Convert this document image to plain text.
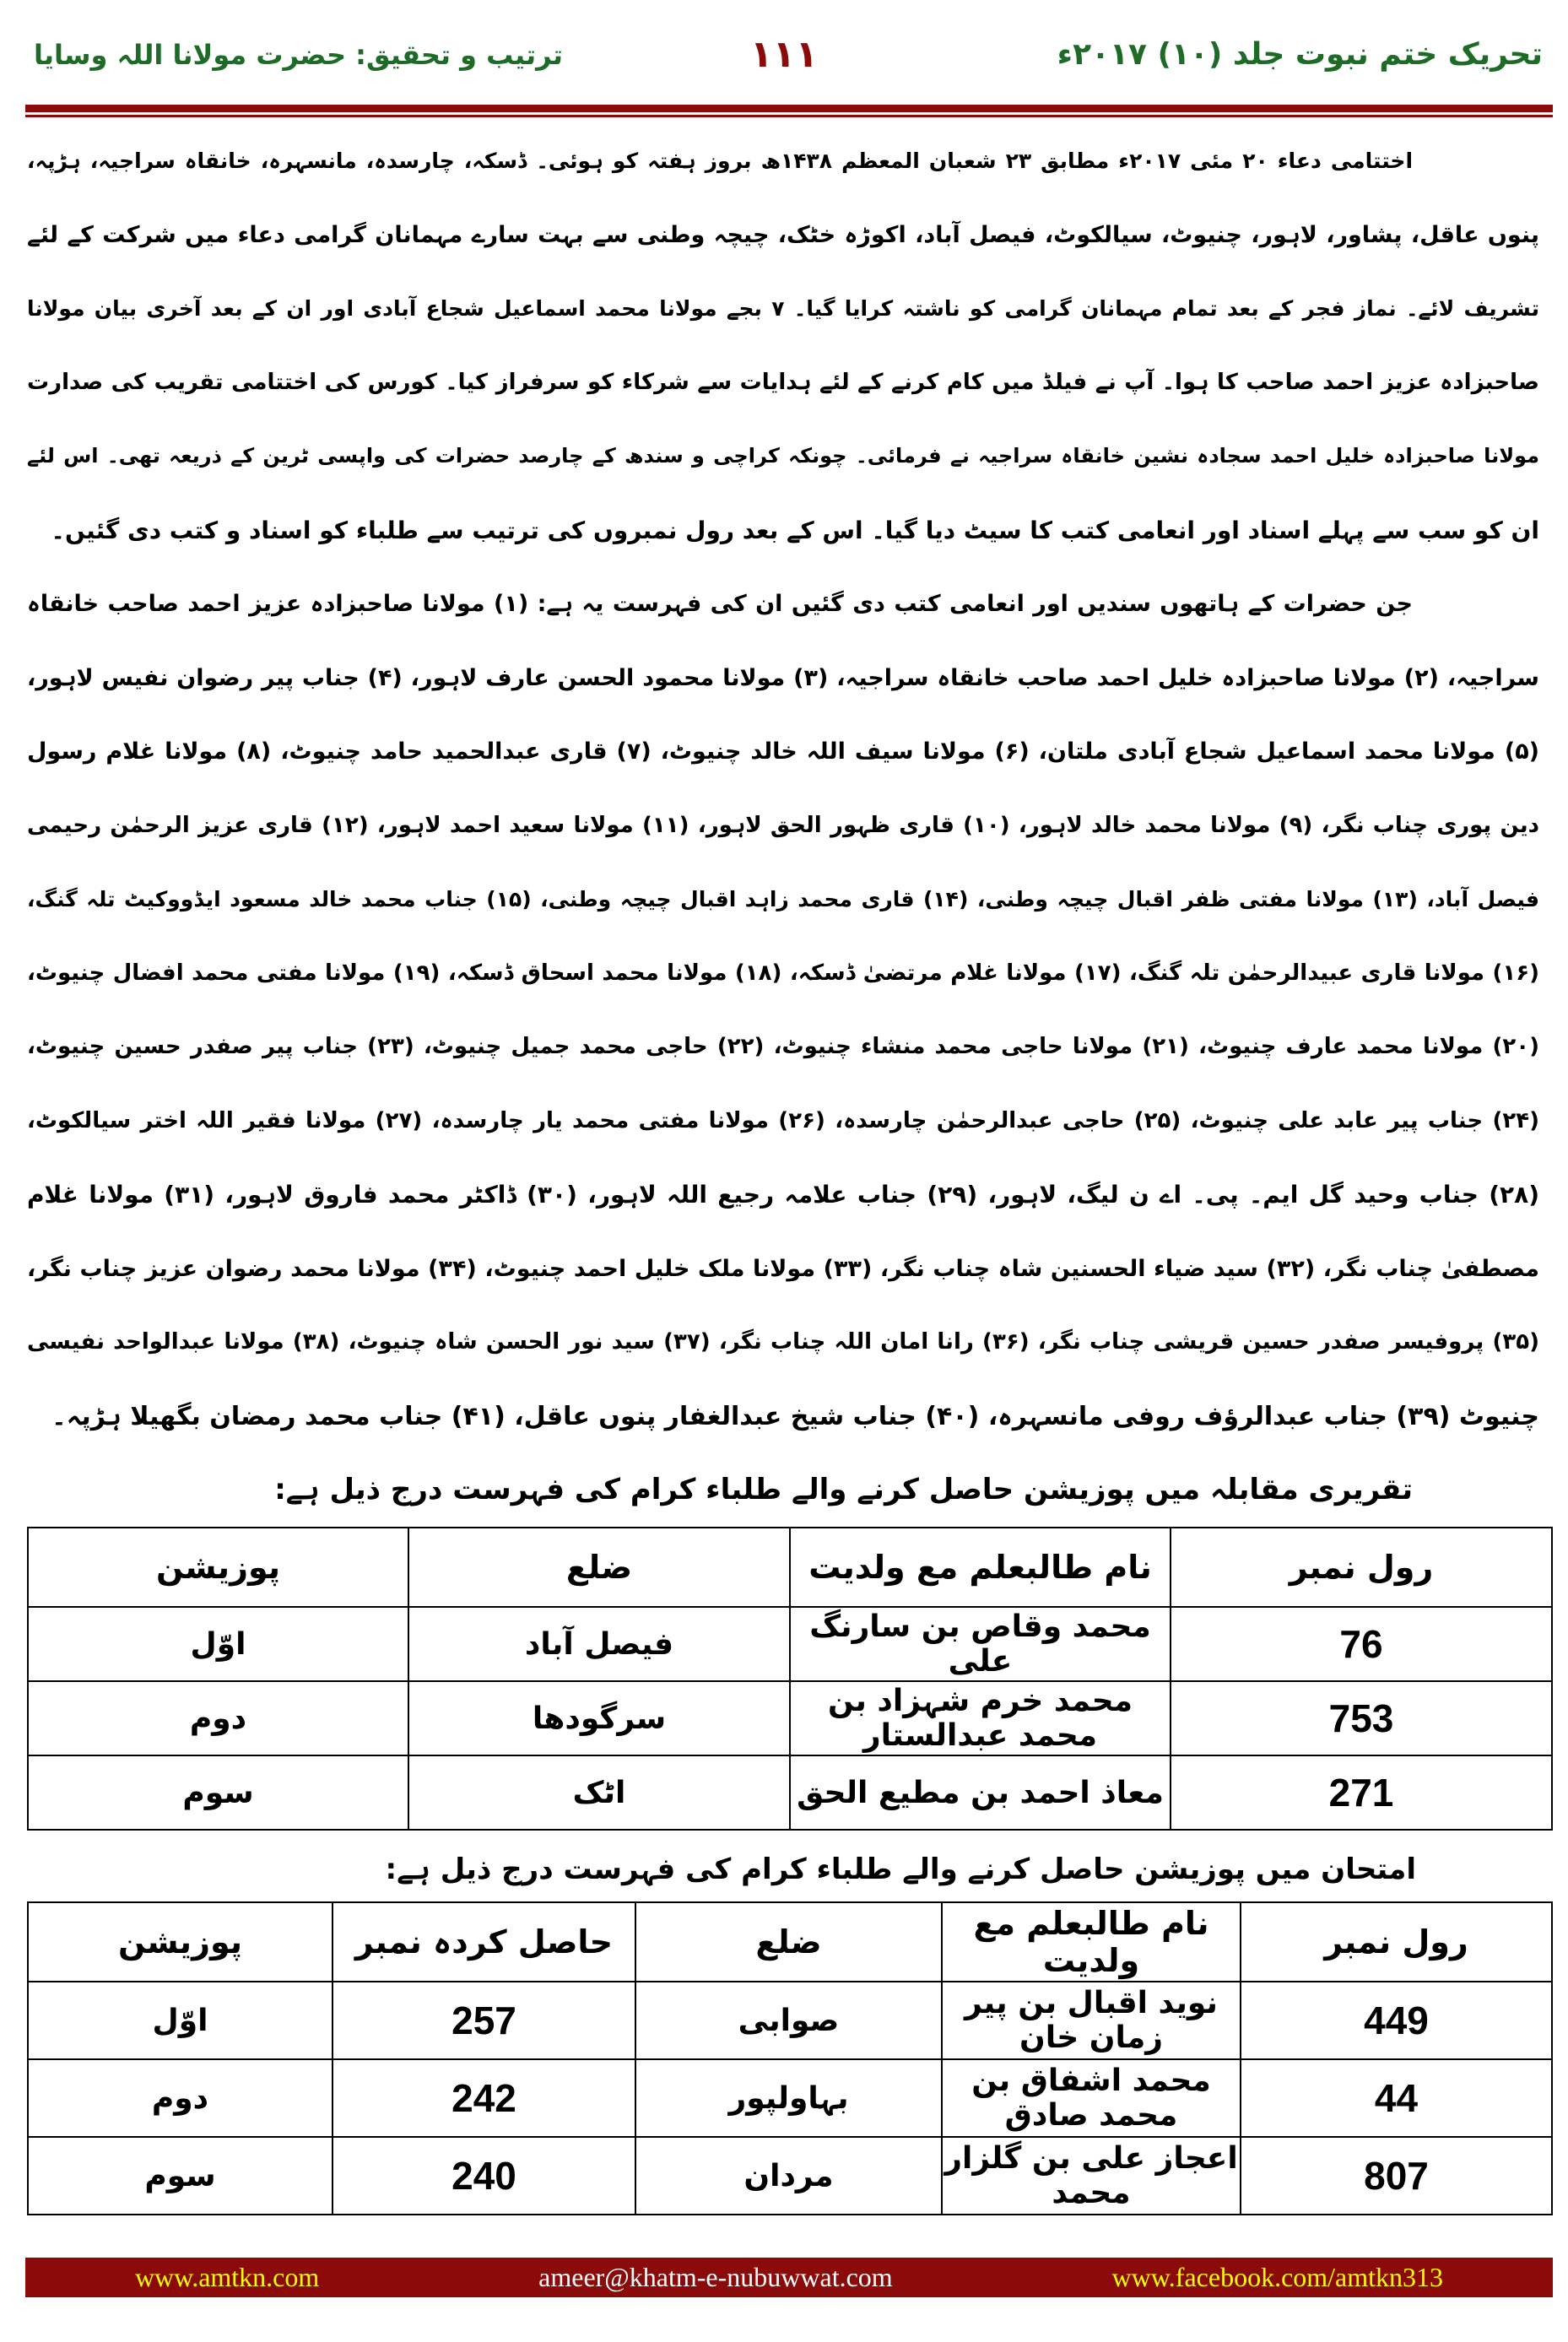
تحریک ختم نبوت جلد (۱۰) ۲۰۱۷ء
۱۱۱
ترتیب و تحقیق: حضرت مولانا اللہ وسایا
اختتامی دعاء ۲۰ مئی ۲۰۱۷ء مطابق ۲۳ شعبان المعظم ۱۴۳۸ھ بروز ہفتہ کو ہوئی۔ ڈسکہ، چارسدہ، مانسہرہ، خانقاہ سراجیہ، ہڑپہ،
پنوں عاقل، پشاور، لاہور، چنیوٹ، سیالکوٹ، فیصل آباد، اکوڑہ خٹک، چیچہ وطنی سے بہت سارے مہمانان گرامی دعاء میں شرکت کے لئے
تشریف لائے۔ نماز فجر کے بعد تمام مہمانان گرامی کو ناشتہ کرایا گیا۔ ۷ بجے مولانا محمد اسماعیل شجاع آبادی اور ان کے بعد آخری بیان مولانا
صاحبزادہ عزیز احمد صاحب کا ہوا۔ آپ نے فیلڈ میں کام کرنے کے لئے ہدایات سے شرکاء کو سرفراز کیا۔ کورس کی اختتامی تقریب کی صدارت
مولانا صاحبزادہ خلیل احمد سجادہ نشین خانقاہ سراجیہ نے فرمائی۔ چونکہ کراچی و سندھ کے چارصد حضرات کی واپسی ٹرین کے ذریعہ تھی۔ اس لئے
ان کو سب سے پہلے اسناد اور انعامی کتب کا سیٹ دیا گیا۔ اس کے بعد رول نمبروں کی ترتیب سے طلباء کو اسناد و کتب دی گئیں۔
جن حضرات کے ہاتھوں سندیں اور انعامی کتب دی گئیں ان کی فہرست یہ ہے: (۱) مولانا صاحبزادہ عزیز احمد صاحب خانقاہ
سراجیہ، (۲) مولانا صاحبزادہ خلیل احمد صاحب خانقاہ سراجیہ، (۳) مولانا محمود الحسن عارف لاہور، (۴) جناب پیر رضوان نفیس لاہور،
(۵) مولانا محمد اسماعیل شجاع آبادی ملتان، (۶) مولانا سیف اللہ خالد چنیوٹ، (۷) قاری عبدالحمید حامد چنیوٹ، (۸) مولانا غلام رسول
دین پوری چناب نگر، (۹) مولانا محمد خالد لاہور، (۱۰) قاری ظہور الحق لاہور، (۱۱) مولانا سعید احمد لاہور، (۱۲) قاری عزیز الرحمٰن رحیمی
فیصل آباد، (۱۳) مولانا مفتی ظفر اقبال چیچہ وطنی، (۱۴) قاری محمد زاہد اقبال چیچہ وطنی، (۱۵) جناب محمد خالد مسعود ایڈووکیٹ تلہ گنگ،
(۱۶) مولانا قاری عبیدالرحمٰن تلہ گنگ، (۱۷) مولانا غلام مرتضیٰ ڈسکہ، (۱۸) مولانا محمد اسحاق ڈسکہ، (۱۹) مولانا مفتی محمد افضال چنیوٹ،
(۲۰) مولانا محمد عارف چنیوٹ، (۲۱) مولانا حاجی محمد منشاء چنیوٹ، (۲۲) حاجی محمد جمیل چنیوٹ، (۲۳) جناب پیر صفدر حسین چنیوٹ،
(۲۴) جناب پیر عابد علی چنیوٹ، (۲۵) حاجی عبدالرحمٰن چارسدہ، (۲۶) مولانا مفتی محمد یار چارسدہ، (۲۷) مولانا فقیر اللہ اختر سیالکوٹ،
(۲۸) جناب وحید گل ایم۔ پی۔ اے ن لیگ، لاہور، (۲۹) جناب علامہ رجیع اللہ لاہور، (۳۰) ڈاکٹر محمد فاروق لاہور، (۳۱) مولانا غلام
مصطفیٰ چناب نگر، (۳۲) سید ضیاء الحسنین شاہ چناب نگر، (۳۳) مولانا ملک خلیل احمد چنیوٹ، (۳۴) مولانا محمد رضوان عزیز چناب نگر،
(۳۵) پروفیسر صفدر حسین قریشی چناب نگر، (۳۶) رانا امان اللہ چناب نگر، (۳۷) سید نور الحسن شاہ چنیوٹ، (۳۸) مولانا عبدالواحد نفیسی
چنیوٹ (۳۹) جناب عبدالرؤف روفی مانسہرہ، (۴۰) جناب شیخ عبدالغفار پنوں عاقل، (۴۱) جناب محمد رمضان بگھیلا ہڑپہ۔
تقریری مقابلہ میں پوزیشن حاصل کرنے والے طلباء کرام کی فہرست درج ذیل ہے:
رول نمبر	نام طالبعلم مع ولدیت	ضلع	پوزیشن
76	محمد وقاص بن سارنگ علی	فیصل آباد	اوّل
753	محمد خرم شہزاد بن محمد عبدالستار	سرگودھا	دوم
271	معاذ احمد بن مطیع الحق	اٹک	سوم
امتحان میں پوزیشن حاصل کرنے والے طلباء کرام کی فہرست درج ذیل ہے:
رول نمبر	نام طالبعلم مع ولدیت	ضلع	حاصل کردہ نمبر	پوزیشن
449	نوید اقبال بن پیر زمان خان	صوابی	257	اوّل
44	محمد اشفاق بن محمد صادق	بہاولپور	242	دوم
807	اعجاز علی بن گلزار محمد	مردان	240	سوم
www.amtkn.com	ameer@khatm-e-nubuwwat.com	www.facebook.com/amtkn313
